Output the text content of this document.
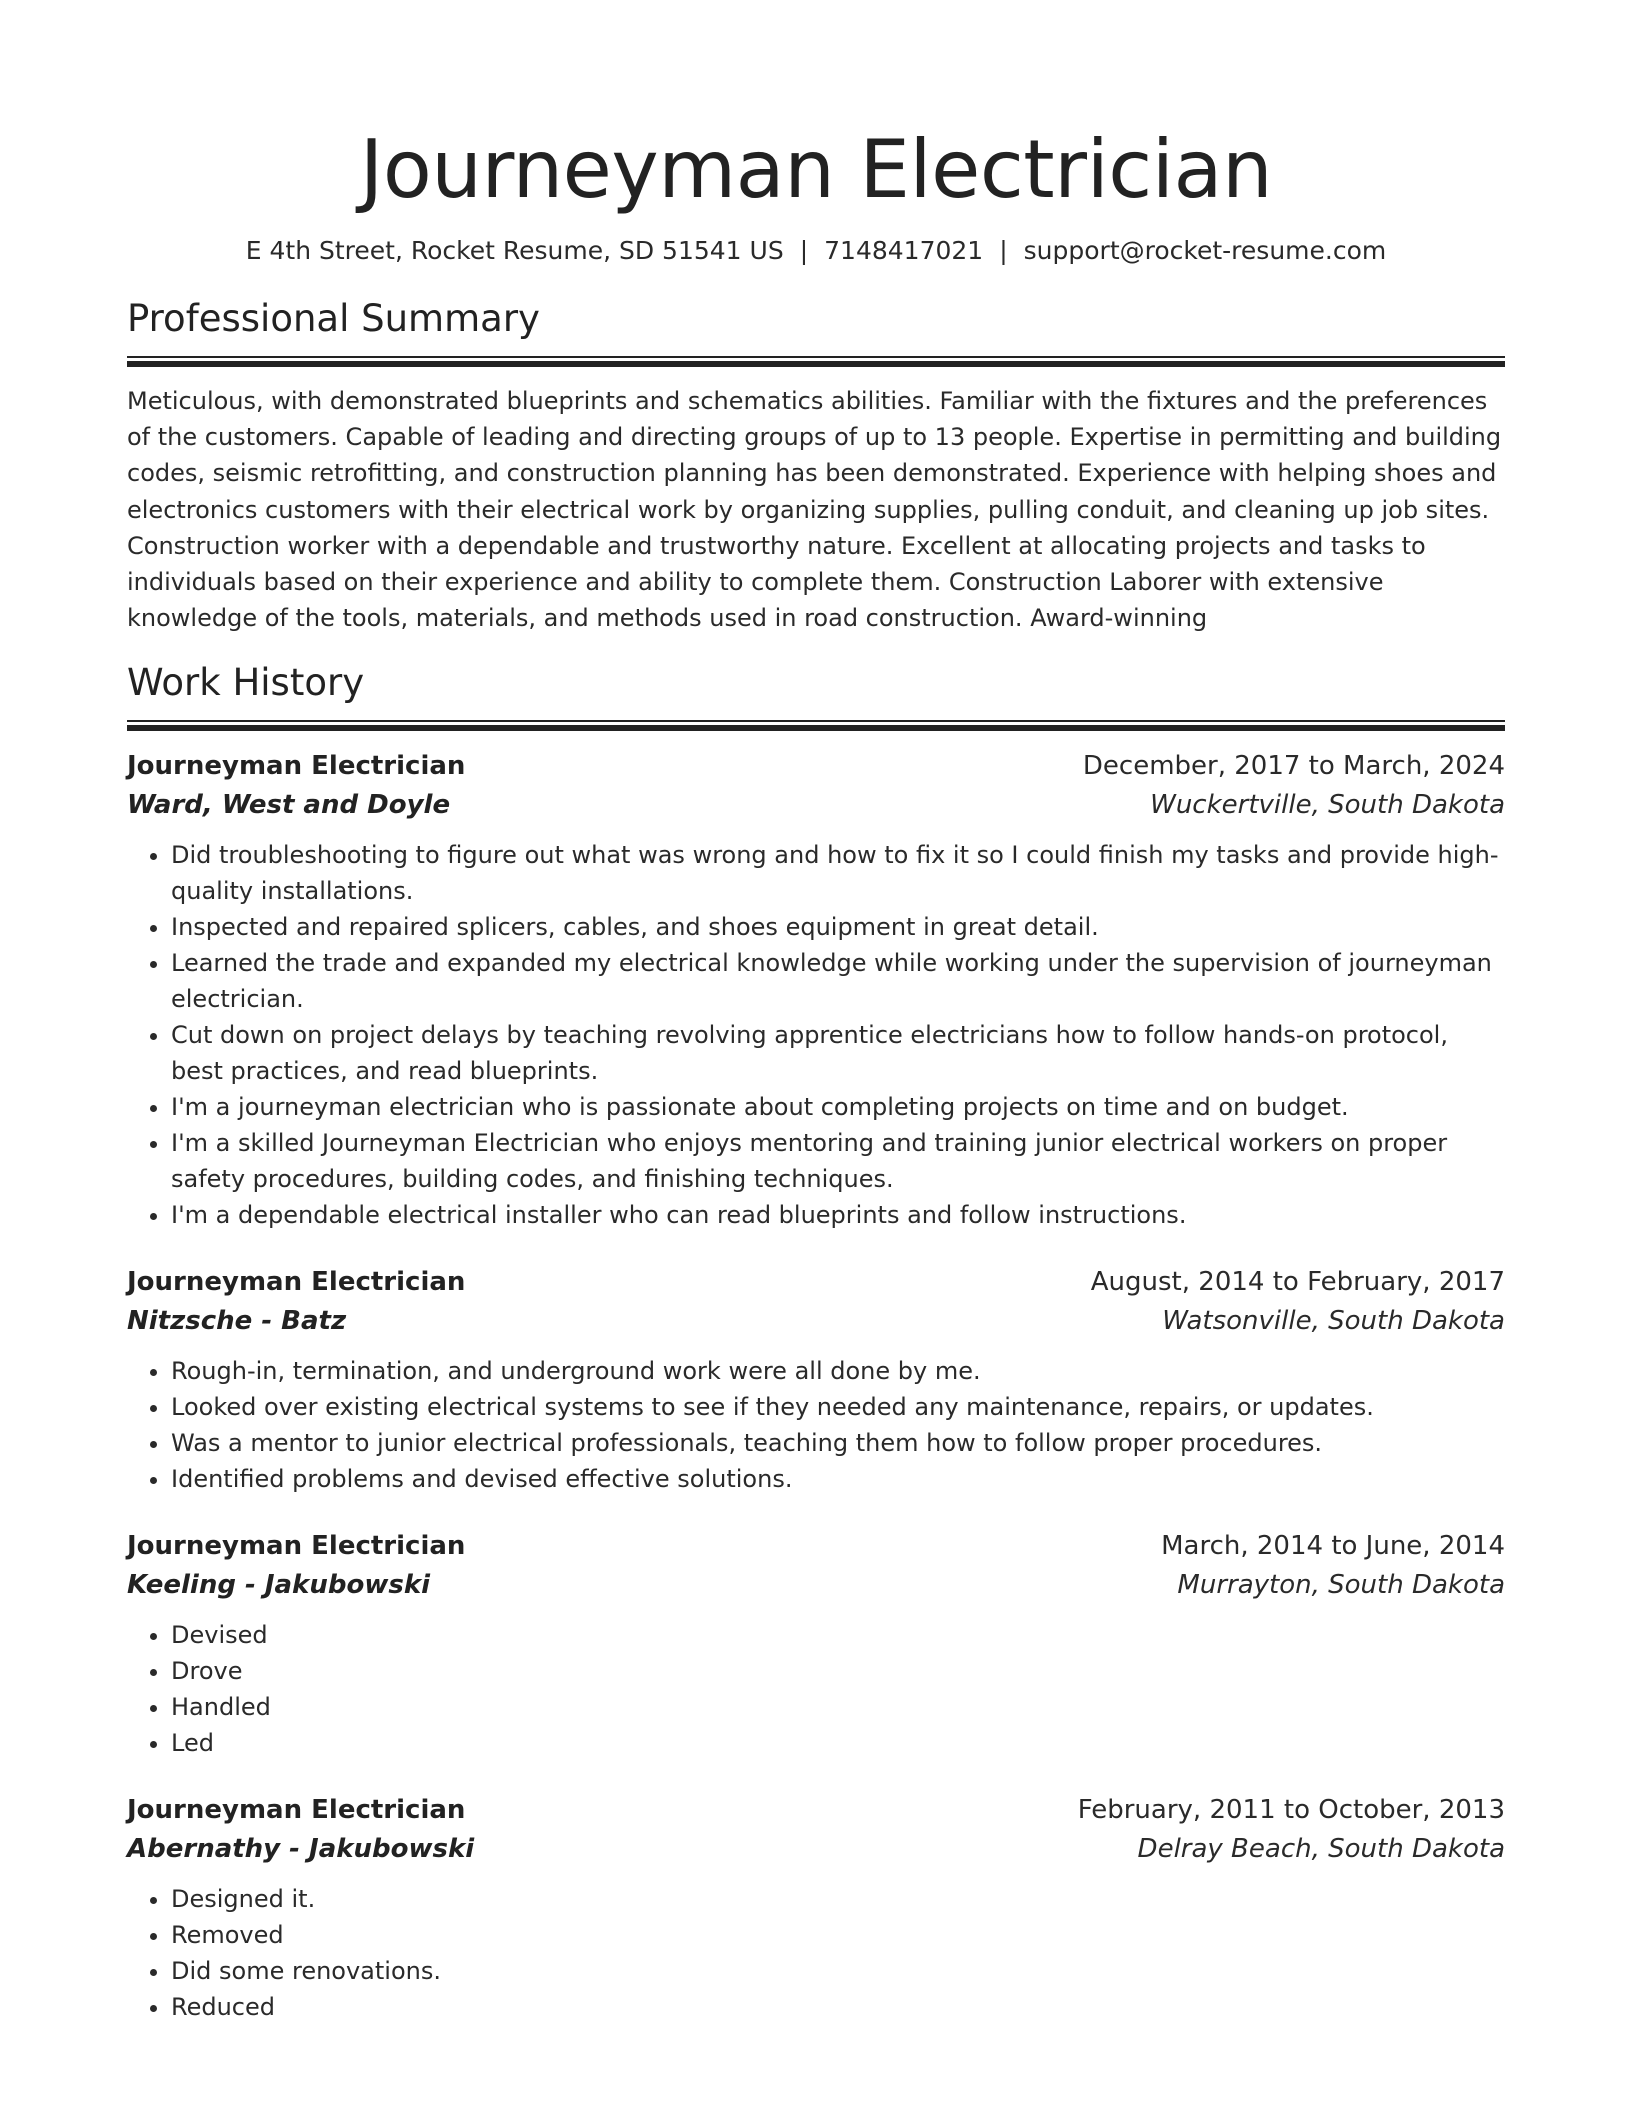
Journeyman Electrician
E 4th Street, Rocket Resume, SD 51541 US | 7148417021 | support@rocket-resume.com
Professional Summary

Meticulous, with demonstrated blueprints and schematics abilities. Familiar with the fixtures and the preferences of the customers. Capable of leading and directing groups of up to 13 people. Expertise in permitting and building codes, seismic retrofitting, and construction planning has been demonstrated. Experience with helping shoes and electronics customers with their electrical work by organizing supplies, pulling conduit, and cleaning up job sites. Construction worker with a dependable and trustworthy nature. Excellent at allocating projects and tasks to individuals based on their experience and ability to complete them. Construction Laborer with extensive knowledge of the tools, materials, and methods used in road construction. Award-winning

Work History
Journeyman Electrician	December, 2017 to March, 2024
Ward, West and Doyle	Wuckertville, South Dakota
• Did troubleshooting to figure out what was wrong and how to fix it so I could finish my tasks and provide high-quality installations.
• Inspected and repaired splicers, cables, and shoes equipment in great detail.
• Learned the trade and expanded my electrical knowledge while working under the supervision of journeyman electrician.
• Cut down on project delays by teaching revolving apprentice electricians how to follow hands-on protocol, best practices, and read blueprints.
• I'm a journeyman electrician who is passionate about completing projects on time and on budget.
• I'm a skilled Journeyman Electrician who enjoys mentoring and training junior electrical workers on proper safety procedures, building codes, and finishing techniques.
• I'm a dependable electrical installer who can read blueprints and follow instructions.
Journeyman Electrician	August, 2014 to February, 2017
Nitzsche - Batz	Watsonville, South Dakota
• Rough-in, termination, and underground work were all done by me.
• Looked over existing electrical systems to see if they needed any maintenance, repairs, or updates.
• Was a mentor to junior electrical professionals, teaching them how to follow proper procedures.
• Identified problems and devised effective solutions.
Journeyman Electrician	March, 2014 to June, 2014
Keeling - Jakubowski	Murrayton, South Dakota
• Devised
• Drove
• Handled
• Led
Journeyman Electrician	February, 2011 to October, 2013
Abernathy - Jakubowski	Delray Beach, South Dakota
• Designed it.
• Removed
• Did some renovations.
• Reduced
